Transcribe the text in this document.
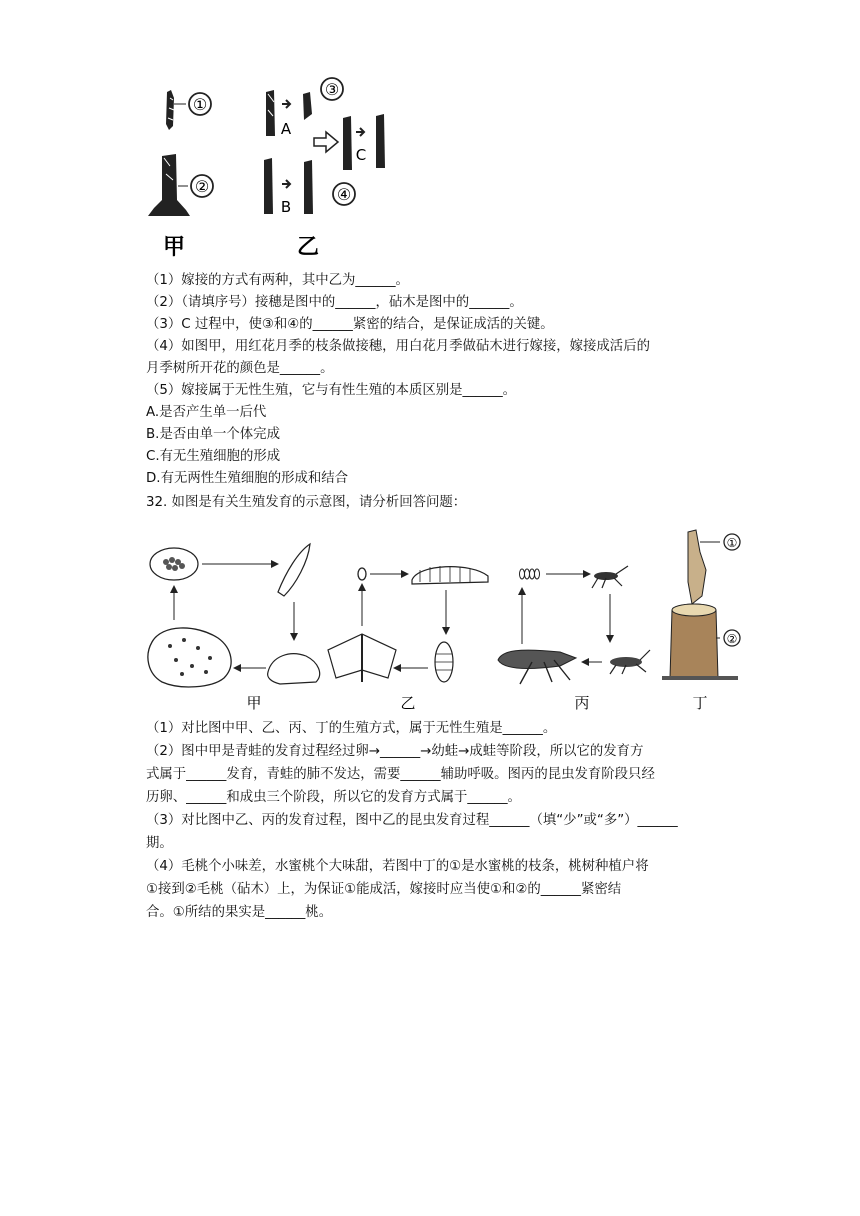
①
②
A
③
B
④
C
甲	乙
（1）嫁接的方式有两种，其中乙为______。
（2）（请填序号）接穗是图中的______，砧木是图中的______。
（3）C 过程中，使③和④的______紧密的结合，是保证成活的关键。
（4）如图甲，用红花月季的枝条做接穗，用白花月季做砧木进行嫁接，嫁接成活后的
月季树所开花的颜色是______。
（5）嫁接属于无性生殖，它与有性生殖的本质区别是______。
A.是否产生单一后代
B.是否由单一个体完成
C.有无生殖细胞的形成
D.有无两性生殖细胞的形成和结合
32. 如图是有关生殖发育的示意图，请分析回答问题：
①
②
甲	乙	丙	丁
（1）对比图中甲、乙、丙、丁的生殖方式，属于无性生殖是______。
（2）图中甲是青蛙的发育过程经过卵→______→幼蛙→成蛙等阶段，所以它的发育方
式属于______发育，青蛙的肺不发达，需要______辅助呼吸。图丙的昆虫发育阶段只经
历卵、______和成虫三个阶段，所以它的发育方式属于______。
（3）对比图中乙、丙的发育过程，图中乙的昆虫发育过程______（填“少”或“多”）______
期。
（4）毛桃个小味差，水蜜桃个大味甜，若图中丁的①是水蜜桃的枝条，桃树种植户将
①接到②毛桃（砧木）上，为保证①能成活，嫁接时应当使①和②的______紧密结
合。①所结的果实是______桃。
